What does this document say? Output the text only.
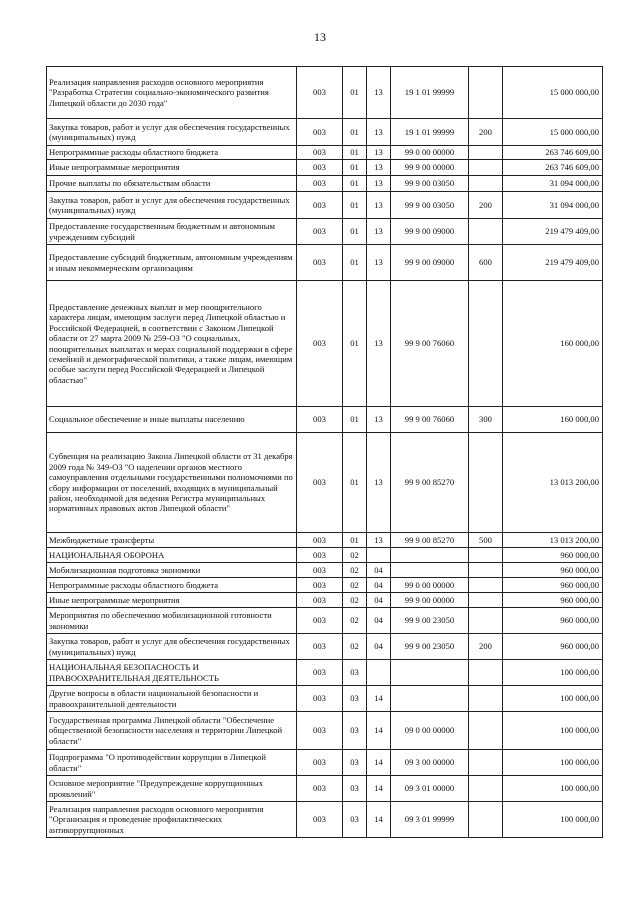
13
Реализация направления расходов основного мероприятия "Разработка Стратегии социально-экономического развития Липецкой области до 2030 года"	003	01	13	19 1 01 99999		15 000 000,00
Закупка товаров, работ и услуг для обеспечения государственных (муниципальных) нужд	003	01	13	19 1 01 99999	200	15 000 000,00
Непрограммные расходы областного бюджета	003	01	13	99 0 00 00000		263 746 609,00
Иные непрограммные мероприятия	003	01	13	99 9 00 00000		263 746 609,00
Прочие выплаты по обязательствам области	003	01	13	99 9 00 03050		31 094 000,00
Закупка товаров, работ и услуг для обеспечения государственных (муниципальных) нужд	003	01	13	99 9 00 03050	200	31 094 000,00
Предоставление государственным бюджетным и автономным учреждениям субсидий	003	01	13	99 9 00 09000		219 479 409,00
Предоставление субсидий бюджетным, автономным учреждениям и иным некоммерческим организациям	003	01	13	99 9 00 09000	600	219 479 409,00
Предоставление денежных выплат и мер поощрительного характера лицам, имеющим заслуги перед Липецкой областью и Российской Федерацией, в соответствии с Законом Липецкой области от 27 марта 2009 № 259-ОЗ "О социальных, поощрительных выплатах и мерах социальной поддержки в сфере семейной и демографической политики, а также лицам, имеющим особые заслуги перед Российской Федерацией и Липецкой областью"	003	01	13	99 9 00 76060		160 000,00
Социальное обеспечение и иные выплаты населению	003	01	13	99 9 00 76060	300	160 000,00
Субвенция на реализацию Закона Липецкой области от 31 декабря 2009 года № 349-ОЗ "О наделении органов местного самоуправления отдельными государственными полномочиями по сбору информации от поселений, входящих в муниципальный район, необходимой для ведения Регистра муниципальных нормативных правовых актов Липецкой области"	003	01	13	99 9 00 85270		13 013 200,00
Межбюджетные трансферты	003	01	13	99 9 00 85270	500	13 013 200,00
НАЦИОНАЛЬНАЯ ОБОРОНА	003	02				960 000,00
Мобилизационная подготовка экономики	003	02	04			960 000,00
Непрограммные расходы областного бюджета	003	02	04	99 0 00 00000		960 000,00
Иные непрограммные мероприятия	003	02	04	99 9 00 00000		960 000,00
Мероприятия по обеспечению мобилизационной готовности экономики	003	02	04	99 9 00 23050		960 000,00
Закупка товаров, работ и услуг для обеспечения государственных (муниципальных) нужд	003	02	04	99 9 00 23050	200	960 000,00
НАЦИОНАЛЬНАЯ БЕЗОПАСНОСТЬ И ПРАВООХРАНИТЕЛЬНАЯ ДЕЯТЕЛЬНОСТЬ	003	03				100 000,00
Другие вопросы в области национальной безопасности и правоохранительной деятельности	003	03	14			100 000,00
Государственная программа Липецкой области "Обеспечение общественной безопасности населения и территории Липецкой области"	003	03	14	09 0 00 00000		100 000,00
Подпрограмма "О противодействии коррупции в Липецкой области"	003	03	14	09 3 00 00000		100 000,00
Основное мероприятие "Предупреждение коррупционных проявлений"	003	03	14	09 3 01 00000		100 000,00
Реализация направления расходов основного мероприятия "Организация и проведение профилактических антикоррупционных	003	03	14	09 3 01 99999		100 000,00
